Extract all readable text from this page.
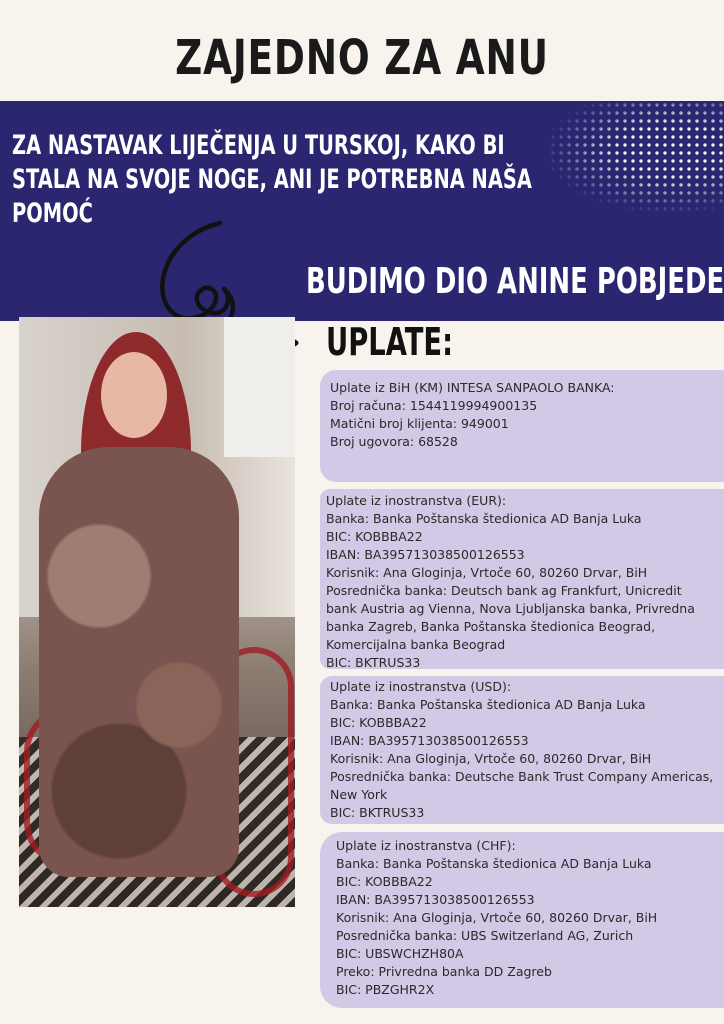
ZAJEDNO ZA ANU
ZA NASTAVAK LIJEČENJA U TURSKOJ, KAKO BI STALA NA SVOJE NOGE, ANI JE POTREBNA NAŠA POMOĆ
BUDIMO DIO ANINE POBJEDE
UPLATE:
Uplate iz BiH (KM) INTESA SANPAOLO BANKA:
Broj računa: 1544119994900135
Matični broj klijenta: 949001
Broj ugovora: 68528
Uplate iz inostranstva (EUR):
Banka: Banka Poštanska štedionica AD Banja Luka
BIC: KOBBBA22
IBAN: BA395713038500126553
Korisnik: Ana Gloginja, Vrtoče 60, 80260 Drvar, BiH
Posrednička banka: Deutsch bank ag Frankfurt, Unicredit bank Austria ag Vienna, Nova Ljubljanska banka, Privredna banka Zagreb, Banka Poštanska štedionica Beograd, Komercijalna banka Beograd
BIC: BKTRUS33
Uplate iz inostranstva (USD):
Banka: Banka Poštanska štedionica AD Banja Luka
BIC: KOBBBA22
IBAN: BA395713038500126553
Korisnik: Ana Gloginja, Vrtoče 60, 80260 Drvar, BiH
Posrednička banka: Deutsche Bank Trust Company Americas, New York
BIC: BKTRUS33
Uplate iz inostranstva (CHF):
Banka: Banka Poštanska štedionica AD Banja Luka
BIC: KOBBBA22
IBAN: BA395713038500126553
Korisnik: Ana Gloginja, Vrtoče 60, 80260 Drvar, BiH
Posrednička banka: UBS Switzerland AG, Zurich
BIC: UBSWCHZH80A
Preko: Privredna banka DD Zagreb
BIC: PBZGHR2X
